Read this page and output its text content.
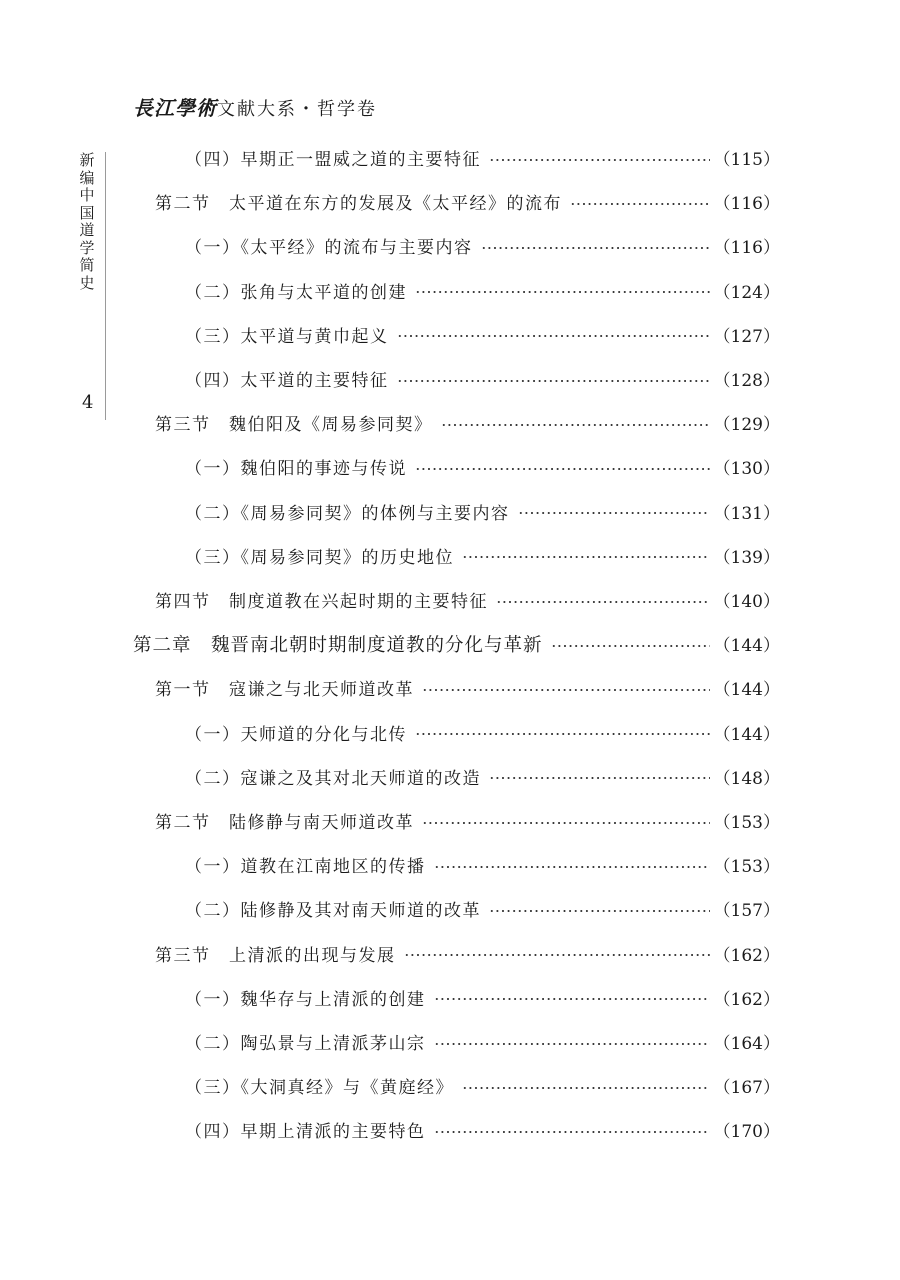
長江學術文献大系・哲学卷
新
编
中
国
道
学
简
史
4
（四）早期正一盟威之道的主要特征	（115）
第二节　太平道在东方的发展及《太平经》的流布	（116）
（一）《太平经》的流布与主要内容	（116）
（二）张角与太平道的创建	（124）
（三）太平道与黄巾起义	（127）
（四）太平道的主要特征	（128）
第三节　魏伯阳及《周易参同契》	（129）
（一）魏伯阳的事迹与传说	（130）
（二）《周易参同契》的体例与主要内容	（131）
（三）《周易参同契》的历史地位	（139）
第四节　制度道教在兴起时期的主要特征	（140）
第二章　魏晋南北朝时期制度道教的分化与革新	（144）
第一节　寇谦之与北天师道改革	（144）
（一）天师道的分化与北传	（144）
（二）寇谦之及其对北天师道的改造	（148）
第二节　陆修静与南天师道改革	（153）
（一）道教在江南地区的传播	（153）
（二）陆修静及其对南天师道的改革	（157）
第三节　上清派的出现与发展	（162）
（一）魏华存与上清派的创建	（162）
（二）陶弘景与上清派茅山宗	（164）
（三）《大洞真经》与《黄庭经》	（167）
（四）早期上清派的主要特色	（170）
